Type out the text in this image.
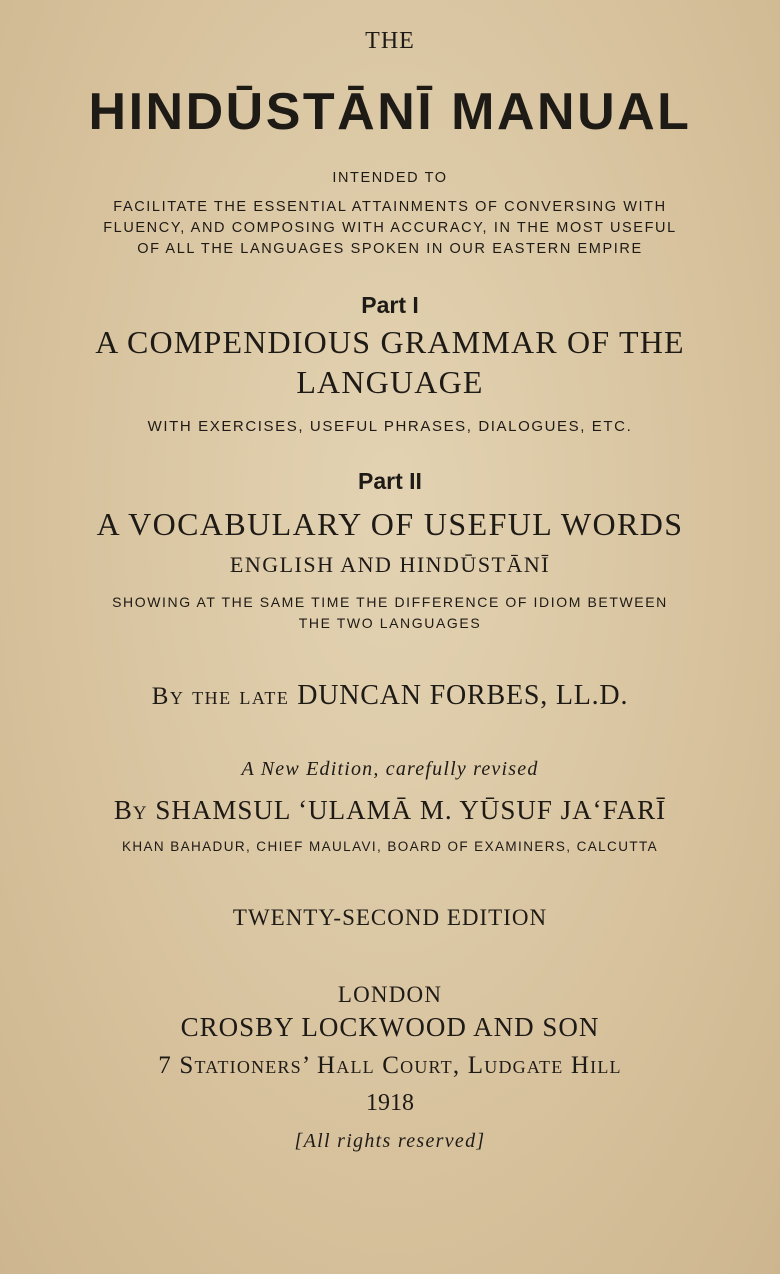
THE
HINDŪSTĀNĪ MANUAL
INTENDED TO
FACILITATE THE ESSENTIAL ATTAINMENTS OF CONVERSING WITH
FLUENCY, AND COMPOSING WITH ACCURACY, IN THE MOST USEFUL
OF ALL THE LANGUAGES SPOKEN IN OUR EASTERN EMPIRE
Part I
A COMPENDIOUS GRAMMAR OF THE
LANGUAGE
WITH EXERCISES, USEFUL PHRASES, DIALOGUES, ETC.
Part II
A VOCABULARY OF USEFUL WORDS
ENGLISH AND HINDŪSTĀNĪ
SHOWING AT THE SAME TIME THE DIFFERENCE OF IDIOM BETWEEN
THE TWO LANGUAGES
By the late DUNCAN FORBES, LL.D.
A New Edition, carefully revised
By SHAMSUL ‘ULAMĀ M. YŪSUF JA‘FARĪ
KHAN BAHADUR, CHIEF MAULAVI, BOARD OF EXAMINERS, CALCUTTA
TWENTY-SECOND EDITION
LONDON
CROSBY LOCKWOOD AND SON
7 Stationers’ Hall Court, Ludgate Hill
1918
[All rights reserved]
